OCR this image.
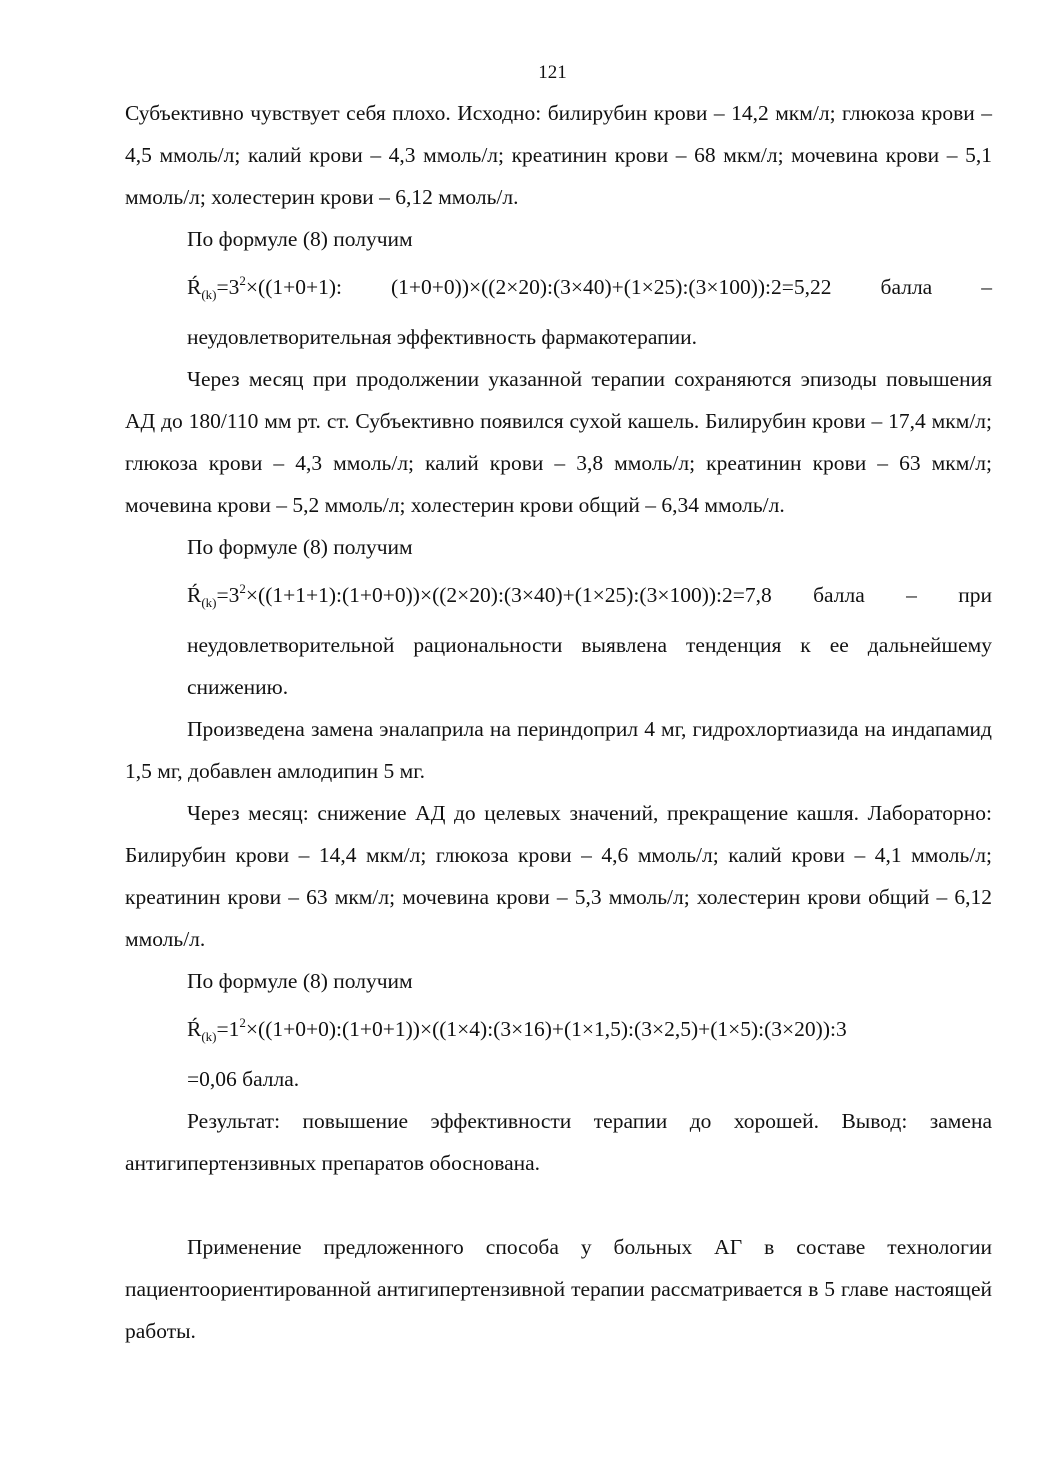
121

Субъективно чувствует себя плохо. Исходно: билирубин крови – 14,2 мкм/л; глюкоза крови – 4,5 ммоль/л; калий крови – 4,3 ммоль/л; креатинин крови – 68 мкм/л; мочевина крови – 5,1 ммоль/л; холестерин крови – 6,12 ммоль/л.

По формуле (8) получим

$Ŕ_{(k)}=3^2\times((1+0+1)$: (1+0+0))×((2×20):(3×40)+(1×25):(3×100)):2=5,22 балла – неудовлетворительная эффективность фармакотерапии.

Через месяц при продолжении указанной терапии сохраняются эпизоды повышения АД до 180/110 мм рт. ст. Субъективно появился сухой кашель. Билирубин крови – 17,4 мкм/л; глюкоза крови – 4,3 ммоль/л; калий крови – 3,8 ммоль/л; креатинин крови – 63 мкм/л; мочевина крови – 5,2 ммоль/л; холестерин крови общий – 6,34 ммоль/л.

По формуле (8) получим

$Ŕ_{(k)}=3^2\times((1+1+1):(1+0+0))\times((2\times 20):(3\times 40)+(1\times 25):(3\times 100)):2=7,8$ балла – при неудовлетворительной рациональности выявлена тенденция к ее дальнейшему снижению.

Произведена замена эналаприла на периндоприл 4 мг, гидрохлортиазида на индапамид 1,5 мг, добавлен амлодипин 5 мг.

Через месяц: снижение АД до целевых значений, прекращение кашля. Лабораторно: Билирубин крови – 14,4 мкм/л; глюкоза крови – 4,6 ммоль/л; калий крови – 4,1 ммоль/л; креатинин крови – 63 мкм/л; мочевина крови – 5,3 ммоль/л; холестерин крови общий – 6,12 ммоль/л.

По формуле (8) получим

$Ŕ_{(k)}=1^2\times((1+0+0):(1+0+1))\times((1\times 4):(3\times 16)+(1\times 1,5):(3\times 2,5)+(1\times 5):(3\times 20)):3$

=0,06 балла.

Результат: повышение эффективности терапии до хорошей. Вывод: замена антигипертензивных препаратов обоснована.

Применение предложенного способа у больных АГ в составе технологии пациентоориентированной антигипертензивной терапии рассматривается в 5 главе настоящей работы.
